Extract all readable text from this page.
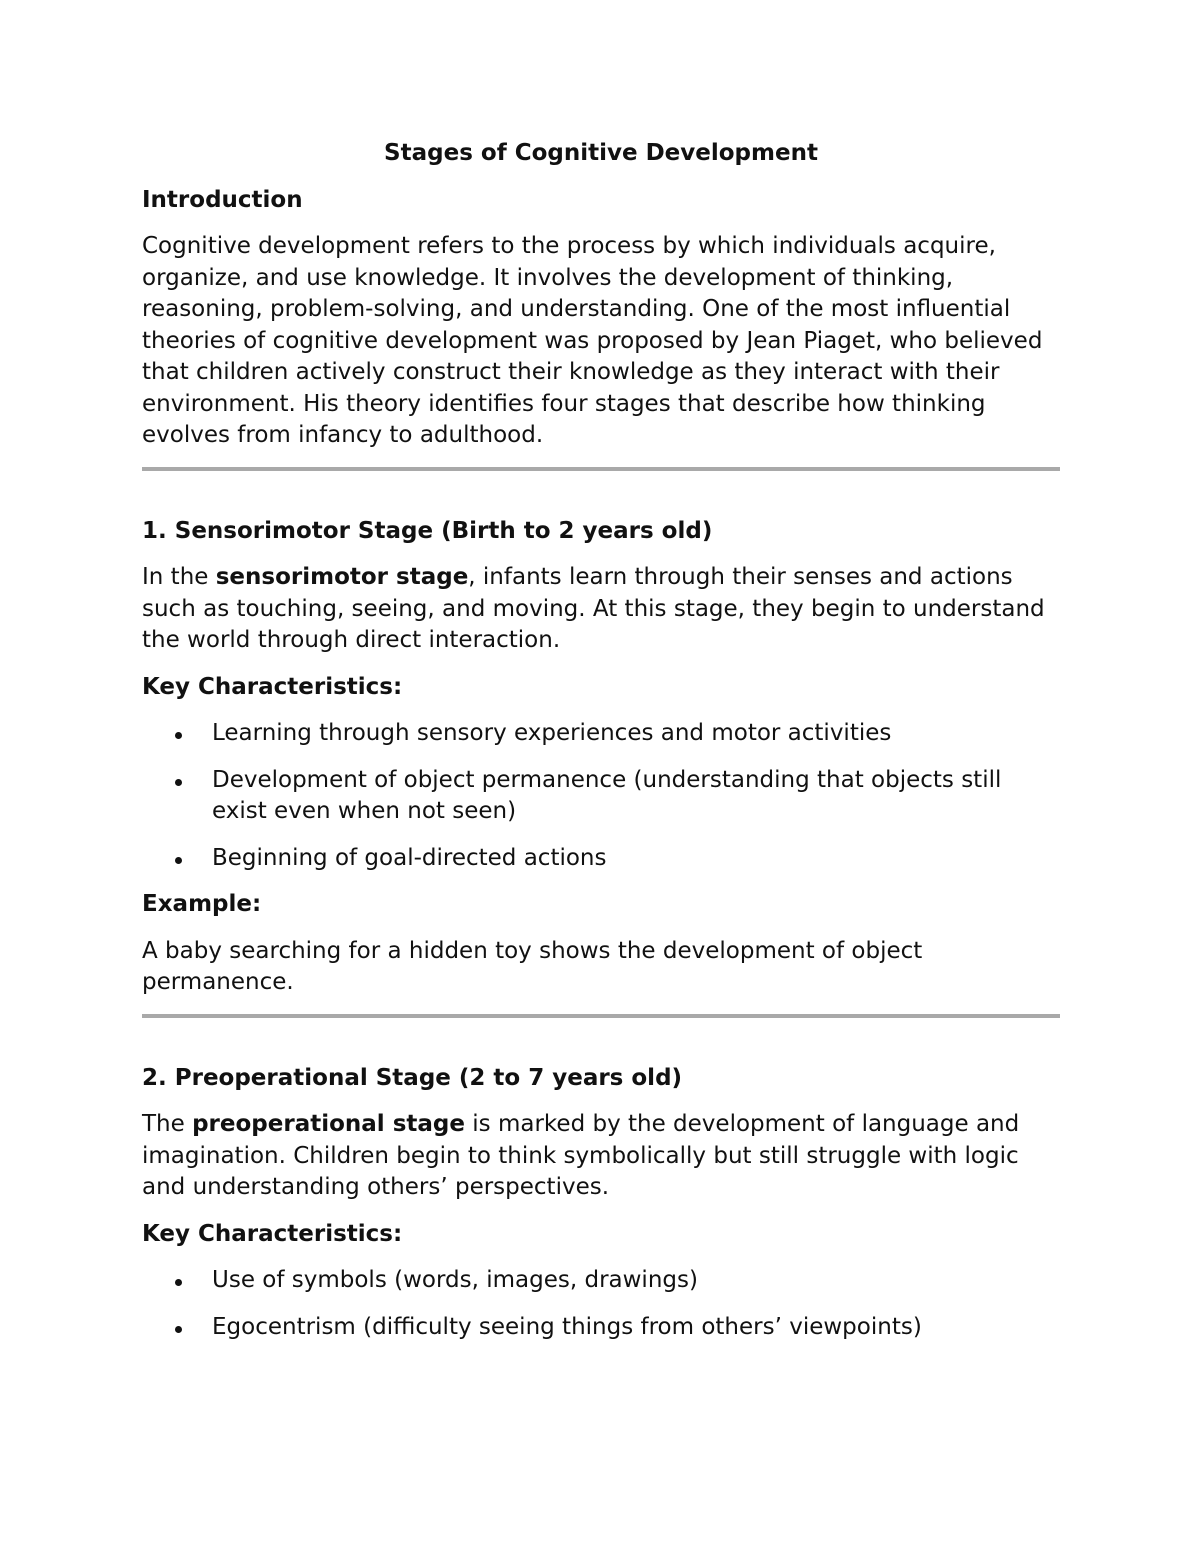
Stages of Cognitive Development
Introduction
Cognitive development refers to the process by which individuals acquire, organize, and use knowledge. It involves the development of thinking, reasoning, problem-solving, and understanding. One of the most influential theories of cognitive development was proposed by Jean Piaget, who believed that children actively construct their knowledge as they interact with their environment. His theory identifies four stages that describe how thinking evolves from infancy to adulthood.
1. Sensorimotor Stage (Birth to 2 years old)
In the sensorimotor stage, infants learn through their senses and actions such as touching, seeing, and moving. At this stage, they begin to understand the world through direct interaction.
Key Characteristics:
Learning through sensory experiences and motor activities
Development of object permanence (understanding that objects still exist even when not seen)
Beginning of goal-directed actions
Example:
A baby searching for a hidden toy shows the development of object permanence.
2. Preoperational Stage (2 to 7 years old)
The preoperational stage is marked by the development of language and imagination. Children begin to think symbolically but still struggle with logic and understanding others’ perspectives.
Key Characteristics:
Use of symbols (words, images, drawings)
Egocentrism (difficulty seeing things from others’ viewpoints)
